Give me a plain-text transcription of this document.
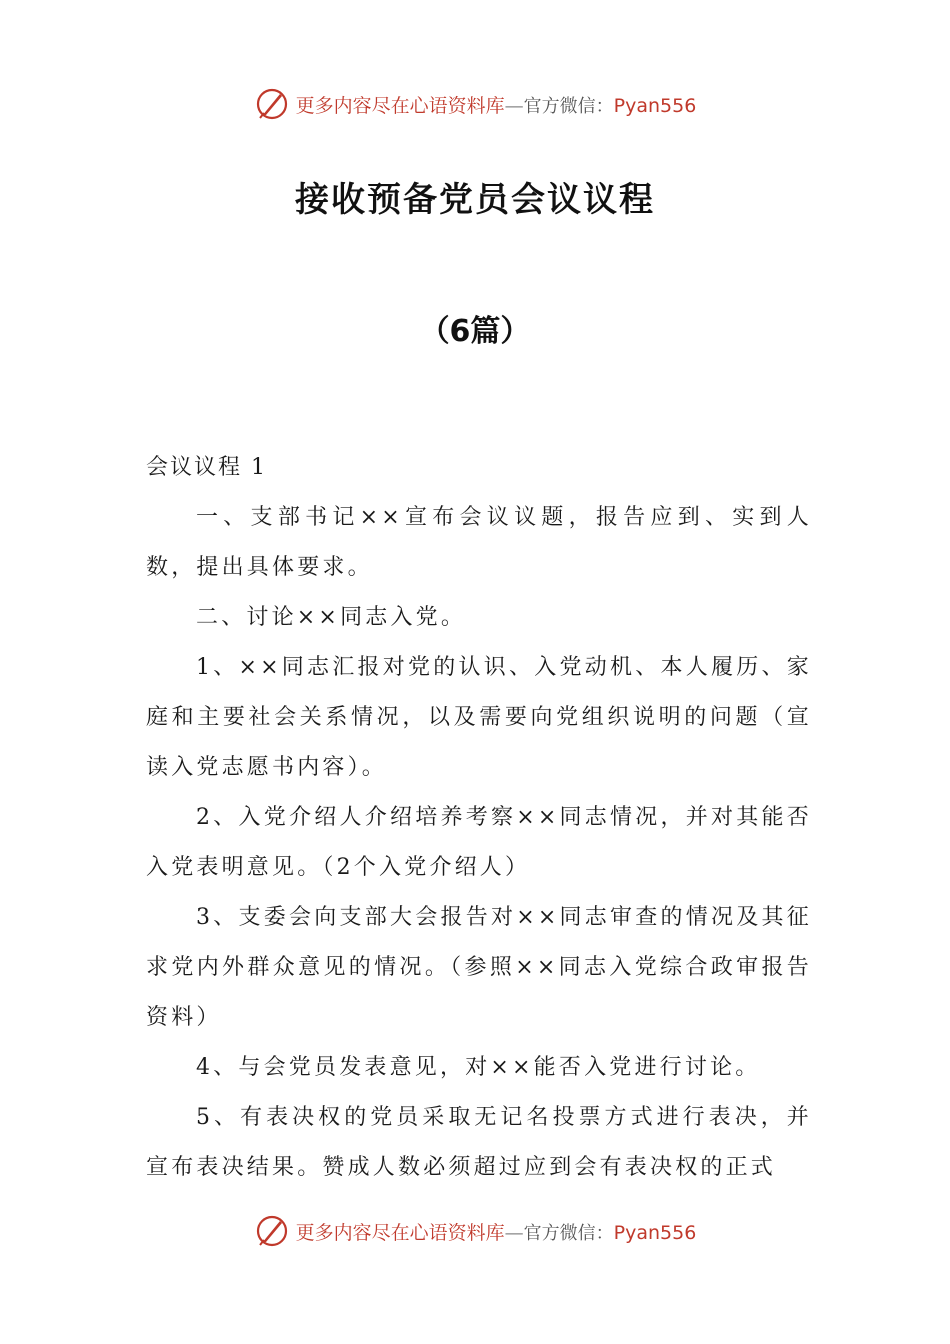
更多内容尽在心语资料库—官方微信：Pyan556
接收预备党员会议议程
（6篇）

会议议程 1

一、支部书记××宣布会议议题，报告应到、实到人数，提出具体要求。

二、讨论××同志入党。

1、××同志汇报对党的认识、入党动机、本人履历、家庭和主要社会关系情况，以及需要向党组织说明的问题（宣读入党志愿书内容）。

2、入党介绍人介绍培养考察××同志情况，并对其能否入党表明意见。（2个入党介绍人）

3、支委会向支部大会报告对××同志审查的情况及其征求党内外群众意见的情况。（参照××同志入党综合政审报告资料）

4、与会党员发表意见，对××能否入党进行讨论。

5、有表决权的党员采取无记名投票方式进行表决，并宣布表决结果。赞成人数必须超过应到会有表决权的正式

更多内容尽在心语资料库—官方微信：Pyan556
